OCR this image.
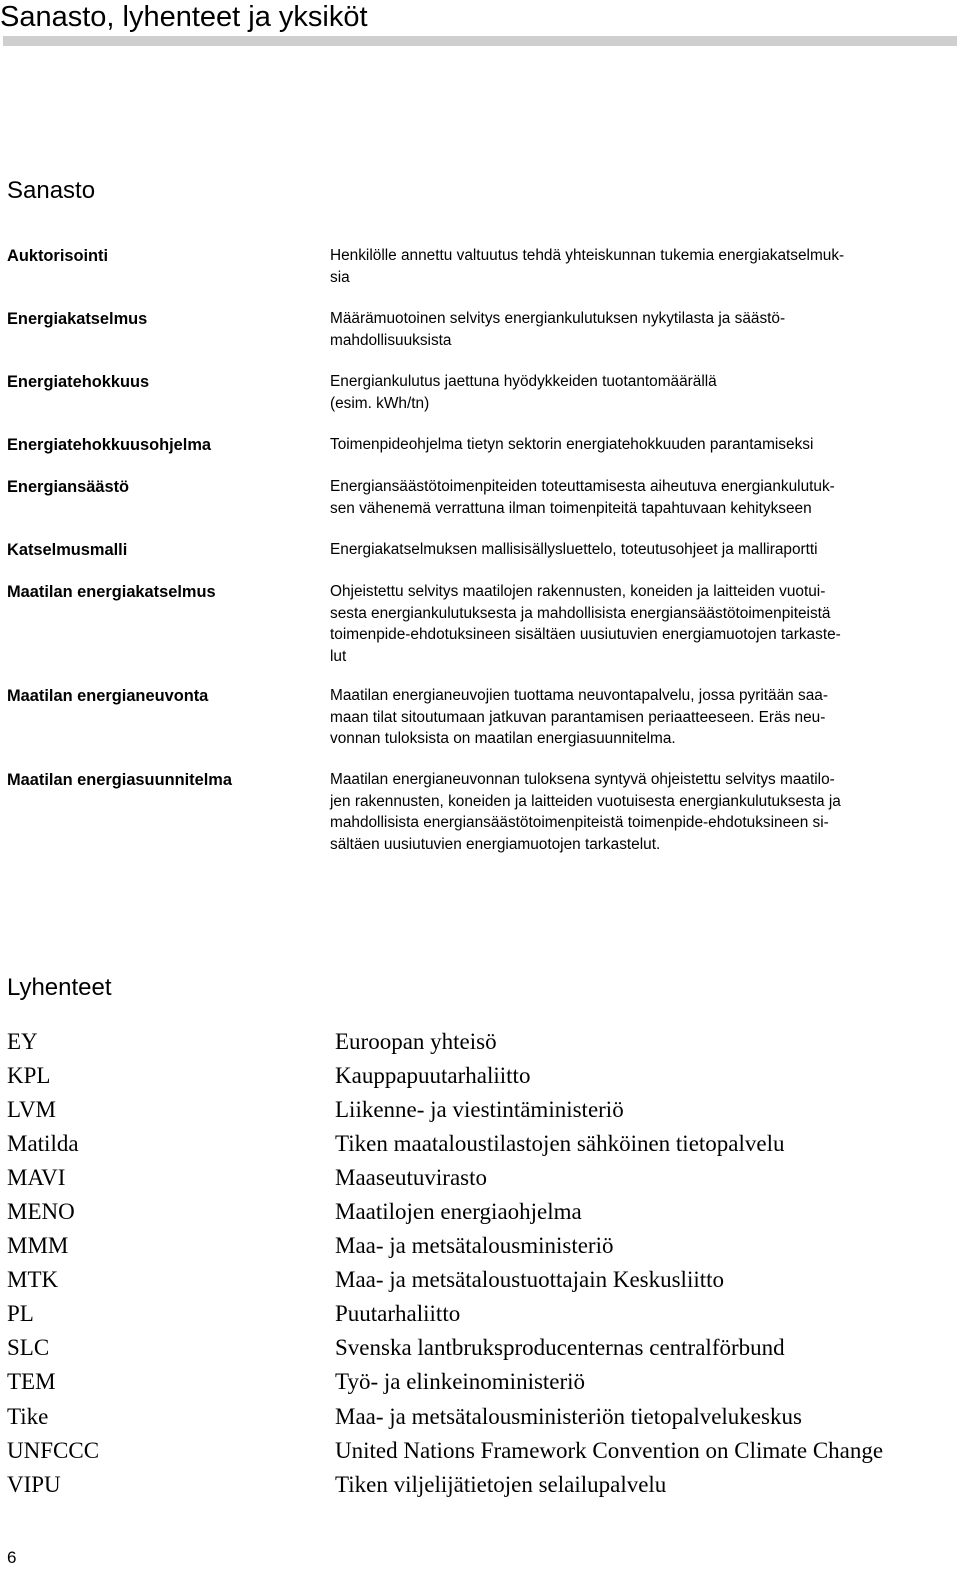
Sanasto, lyhenteet ja yksiköt
Sanasto
Auktorisointi	Henkilölle annettu valtuutus tehdä yhteiskunnan tukemia energiakatselmuk-
sia
Energiakatselmus	Määrämuotoinen selvitys energiankulutuksen nykytilasta ja säästö-
mahdollisuuksista
Energiatehokkuus	Energiankulutus jaettuna hyödykkeiden tuotantomäärällä
(esim. kWh/tn)
Energiatehokkuusohjelma	Toimenpideohjelma tietyn sektorin energiatehokkuuden parantamiseksi
Energiansäästö	Energiansäästötoimenpiteiden toteuttamisesta aiheutuva energiankulutuk-
sen vähenemä verrattuna ilman toimenpiteitä tapahtuvaan kehitykseen
Katselmusmalli	Energiakatselmuksen mallisisällysluettelo, toteutusohjeet ja malliraportti
Maatilan energiakatselmus	Ohjeistettu selvitys maatilojen rakennusten, koneiden ja laitteiden vuotui-
sesta energiankulutuksesta ja mahdollisista energiansäästötoimenpiteistä
toimenpide-ehdotuksineen sisältäen uusiutuvien energiamuotojen tarkaste-
lut
Maatilan energianeuvonta	Maatilan energianeuvojien tuottama neuvontapalvelu, jossa pyritään saa-
maan tilat sitoutumaan jatkuvan parantamisen periaatteeseen. Eräs neu-
vonnan tuloksista on maatilan energiasuunnitelma.
Maatilan energiasuunnitelma	Maatilan energianeuvonnan tuloksena syntyvä ohjeistettu selvitys maatilo-
jen rakennusten, koneiden ja laitteiden vuotuisesta energiankulutuksesta ja
mahdollisista energiansäästötoimenpiteistä toimenpide-ehdotuksineen si-
sältäen uusiutuvien energiamuotojen tarkastelut.
Lyhenteet
EY	Euroopan yhteisö
KPL	Kauppapuutarhaliitto
LVM	Liikenne- ja viestintäministeriö
Matilda	Tiken maataloustilastojen sähköinen tietopalvelu
MAVI	Maaseutuvirasto
MENO	Maatilojen energiaohjelma
MMM	Maa- ja metsätalousministeriö
MTK	Maa- ja metsätaloustuottajain Keskusliitto
PL	Puutarhaliitto
SLC	Svenska lantbruksproducenternas centralförbund
TEM	Työ- ja elinkeinoministeriö
Tike	Maa- ja metsätalousministeriön tietopalvelukeskus
UNFCCC	United Nations Framework Convention on Climate Change
VIPU	Tiken viljelijätietojen selailupalvelu
6
